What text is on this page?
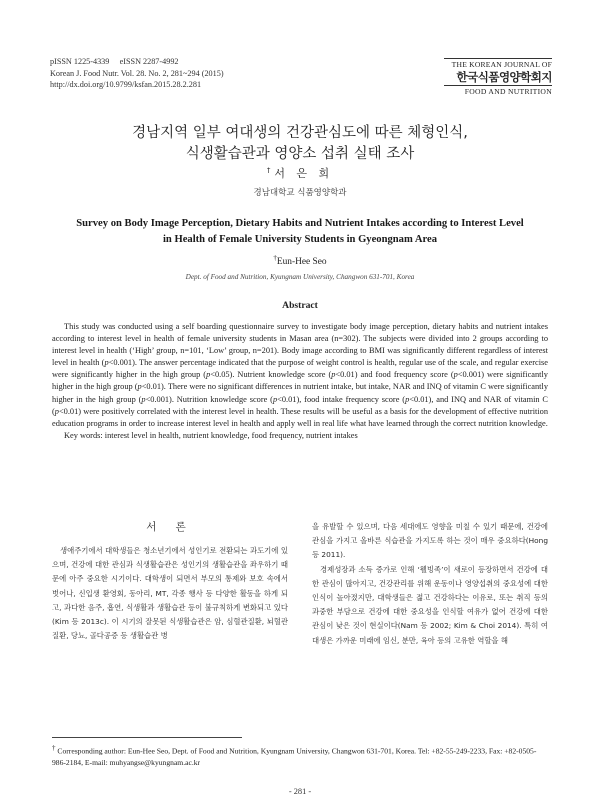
pISSN 1225-4339     eISSN 2287-4992
Korean J. Food Nutr. Vol. 28. No. 2, 281~294 (2015)
http://dx.doi.org/10.9799/ksfan.2015.28.2.281
THE KOREAN JOURNAL OF
한국식품영양학회지
FOOD AND NUTRITION
경남지역 일부 여대생의 건강관심도에 따른 체형인식,
식생활습관과 영양소 섭취 실태 조사
†서 은 희
경남대학교 식품영양학과
Survey on Body Image Perception, Dietary Habits and Nutrient Intakes according to Interest Level
in Health of Female University Students in Gyeongnam Area
†Eun-Hee Seo
Dept. of Food and Nutrition, Kyungnam University, Changwon 631-701, Korea
Abstract

This study was conducted using a self boarding questionnaire survey to investigate body image perception, dietary habits and nutrient intakes according to interest level in health of female university students in Masan area (n=302). The subjects were divided into 2 groups according to interest level in health (‘High’ group, n=101, ‘Low’ group, n=201). Body image according to BMI was significantly different regardless of interest level in health (p<0.001). The answer percentage indicated that the purpose of weight control is health, regular use of the scale, and regular exercise were significantly higher in the high group (p<0.05). Nutrient knowledge score (p<0.01) and food frequency score (p<0.001) were significantly higher in the high group (p<0.01). There were no significant differences in nutrient intake, but intake, NAR and INQ of vitamin C were significantly higher in the high group (p<0.001). Nutrition knowledge score (p<0.01), food intake frequency score (p<0.01), and INQ and NAR of vitamin C (p<0.01) were positively correlated with the interest level in health. These results will be useful as a basis for the development of effective nutrition education programs in order to increase interest level in health and apply well in real life what have learned through the correct nutrition knowledge.

Key words: interest level in health, nutrient knowledge, food frequency, nutrient intakes

서 론

생애주기에서 대학생들은 청소년기에서 성인기로 전환되는 과도기에 있으며, 건강에 대한 관심과 식생활습관은 성인기의 생활습관을 좌우하기 때문에 아주 중요한 시기이다. 대학생이 되면서 부모의 통제와 보호 속에서 벗어나, 신입생 환영회, 동아리, MT, 각종 행사 등 다양한 활동을 하게 되고, 과다한 음주, 흡연, 식생활과 생활습관 등이 불규칙하게 변화되고 있다(Kim 등 2013c). 이 시기의 잘못된 식생활습관은 암, 심혈관질환, 뇌혈관질환, 당뇨, 골다공증 등 생활습관 병

을 유발할 수 있으며, 다음 세대에도 영향을 미칠 수 있기 때문에, 건강에 관심을 가지고 올바른 식습관을 가지도록 하는 것이 매우 중요하다(Hong 등 2011).

경제성장과 소득 증가로 인해 ‘웰빙족’이 새로이 등장하면서 건강에 대한 관심이 많아지고, 건강관리를 위해 운동이나 영양섭취의 중요성에 대한 인식이 높아졌지만, 대학생들은 젊고 건강하다는 이유로, 또는 취직 등의 과중한 부담으로 건강에 대한 중요성을 인식할 여유가 없어 건강에 대한 관심이 낮은 것이 현실이다(Nam 등 2002; Kim & Choi 2014). 특히 여대생은 가까운 미래에 임신, 분만, 육아 등의 고유한 역할을 해

† Corresponding author: Eun-Hee Seo, Dept. of Food and Nutrition, Kyungnam University, Changwon 631-701, Korea. Tel: +82-55-249-2233, Fax: +82-0505-986-2184, E-mail: muhyangse@kyungnam.ac.kr
- 281 -
